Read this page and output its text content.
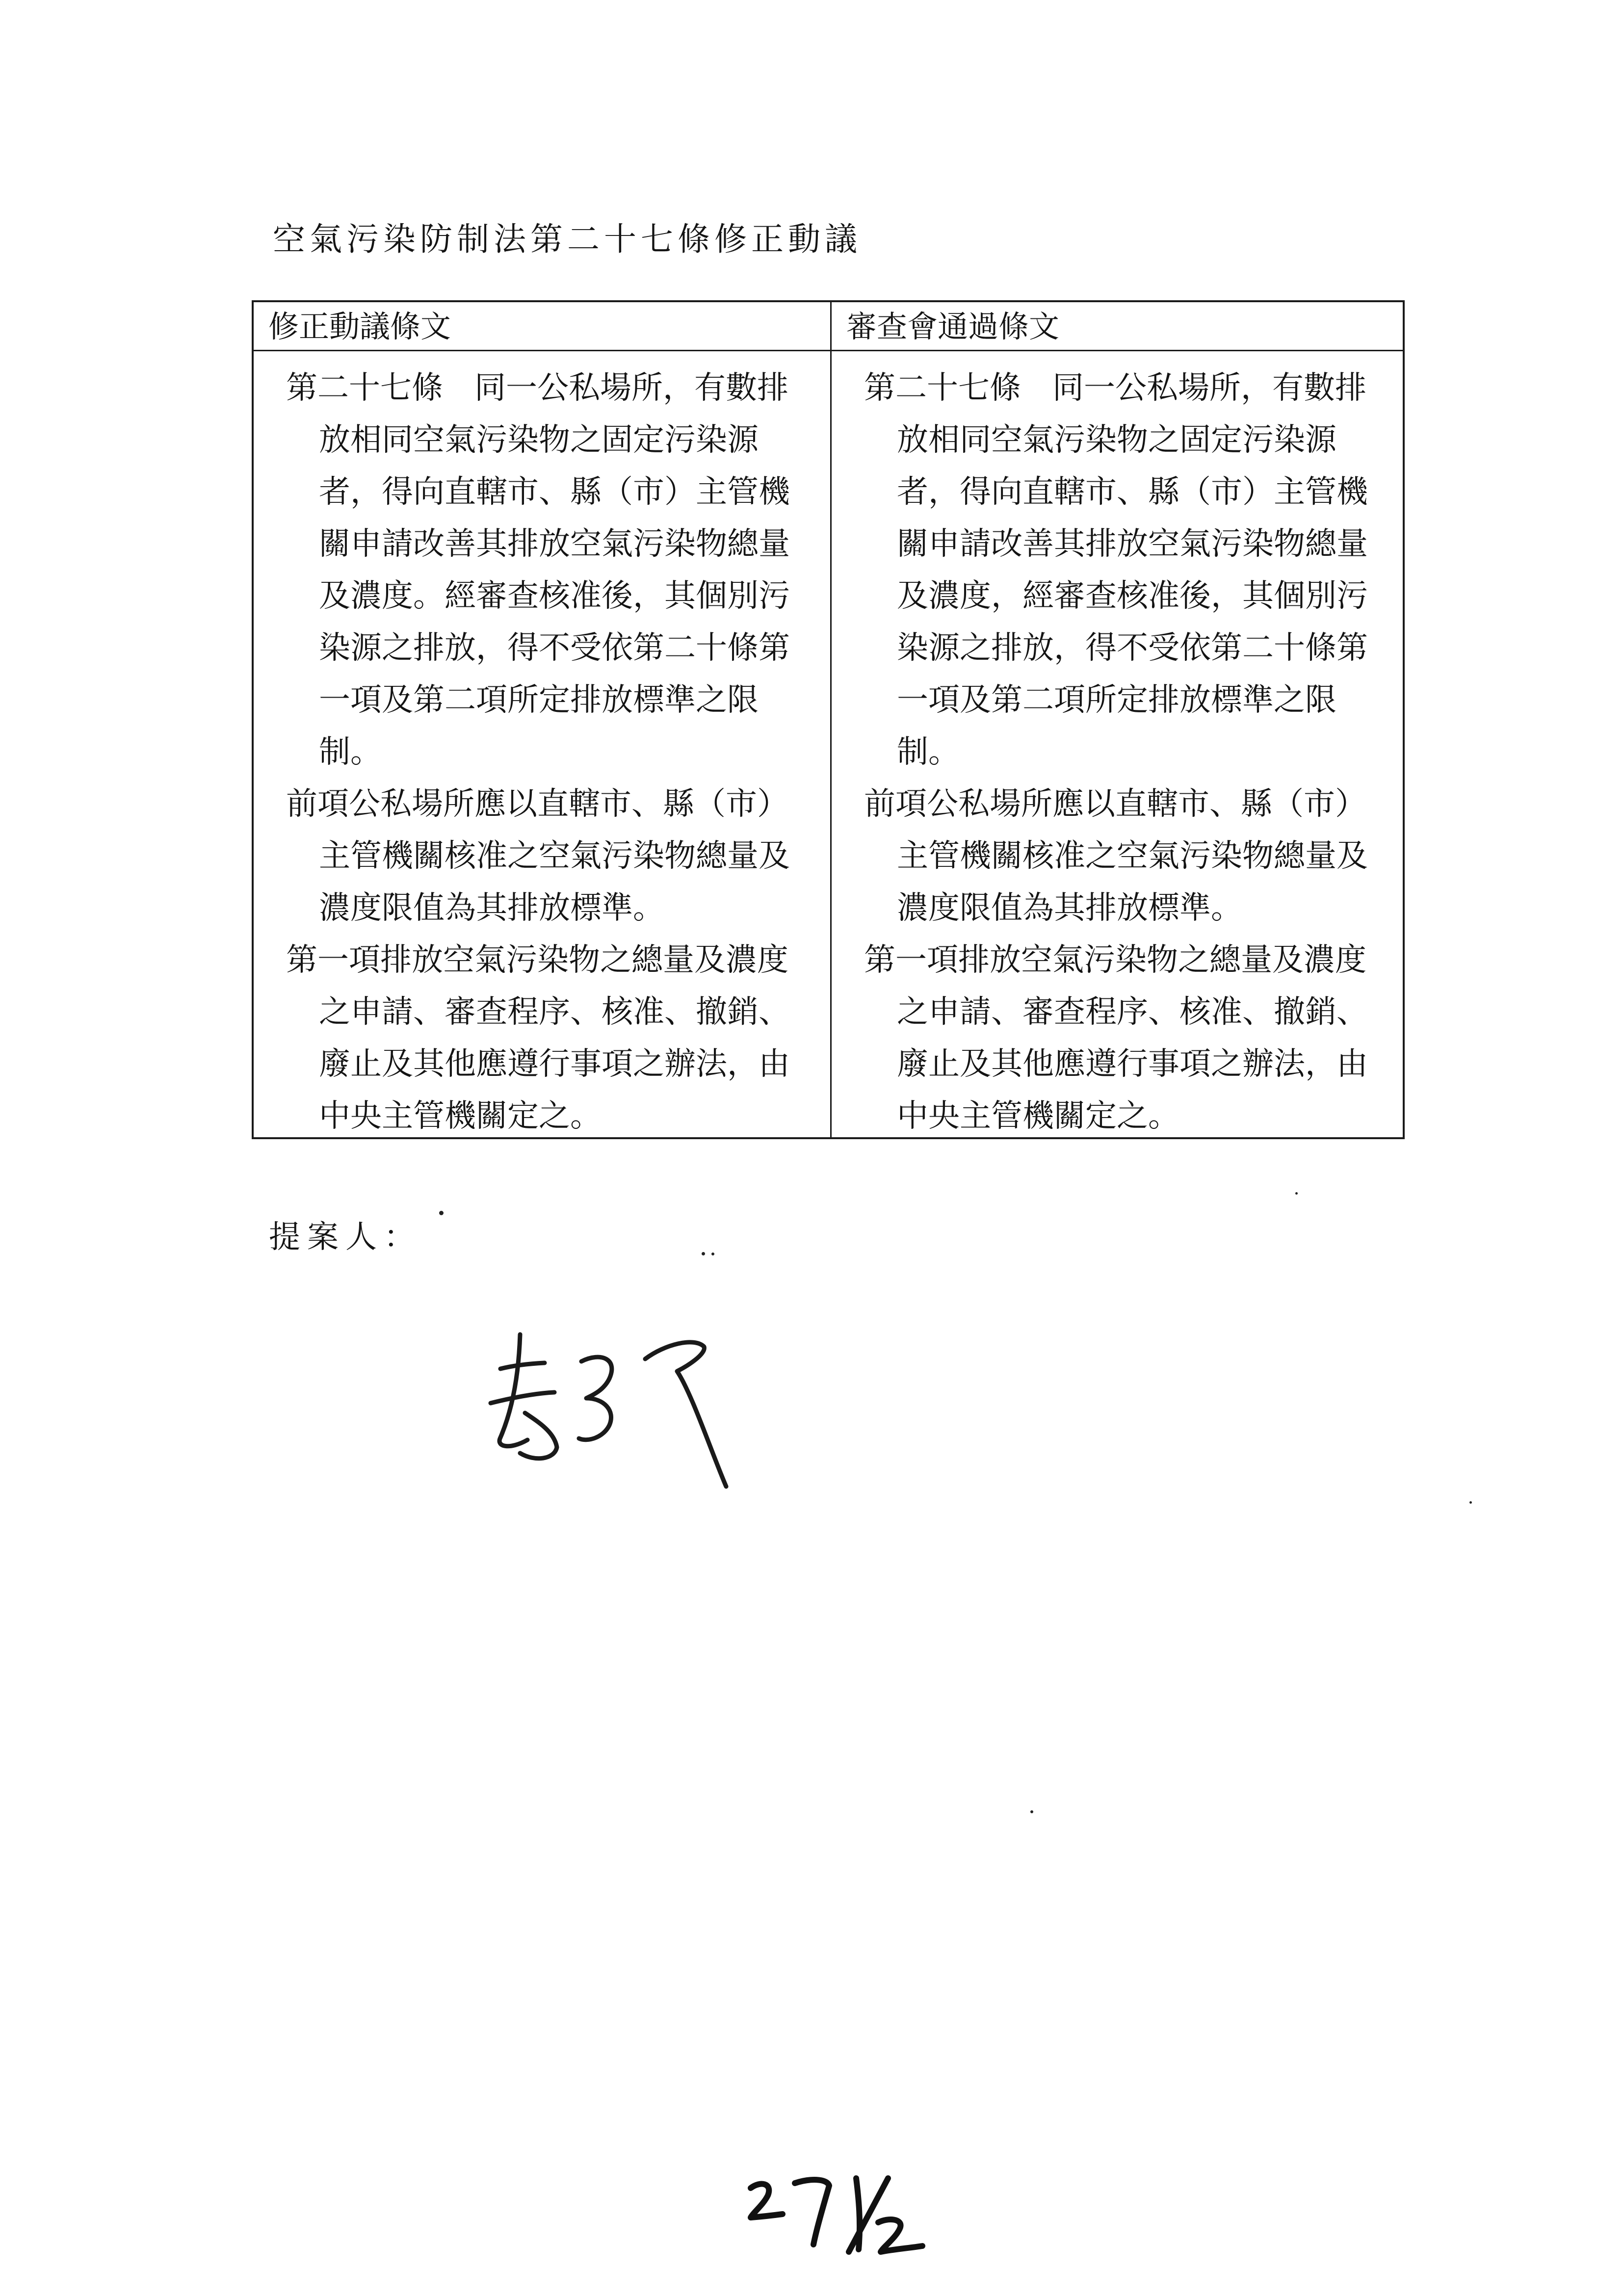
空氣污染防制法第二十七條修正動議
修正動議條文	審查會通過條文

第二十七條　同一公私場所，有數排放相同空氣污染物之固定污染源者，得向直轄市、縣（市）主管機關申請改善其排放空氣污染物總量及濃度。經審查核准後，其個別污染源之排放，得不受依第二十條第一項及第二項所定排放標準之限制。

前項公私場所應以直轄市、縣（市）主管機關核准之空氣污染物總量及濃度限值為其排放標準。

第一項排放空氣污染物之總量及濃度之申請、審查程序、核准、撤銷、廢止及其他應遵行事項之辦法，由中央主管機關定之。

第二十七條　同一公私場所，有數排放相同空氣污染物之固定污染源者，得向直轄市、縣（市）主管機關申請改善其排放空氣污染物總量及濃度，經審查核准後，其個別污染源之排放，得不受依第二十條第一項及第二項所定排放標準之限制。

前項公私場所應以直轄市、縣（市）主管機關核准之空氣污染物總量及濃度限值為其排放標準。

第一項排放空氣污染物之總量及濃度之申請、審查程序、核准、撤銷、廢止及其他應遵行事項之辦法，由中央主管機關定之。

提案人：
